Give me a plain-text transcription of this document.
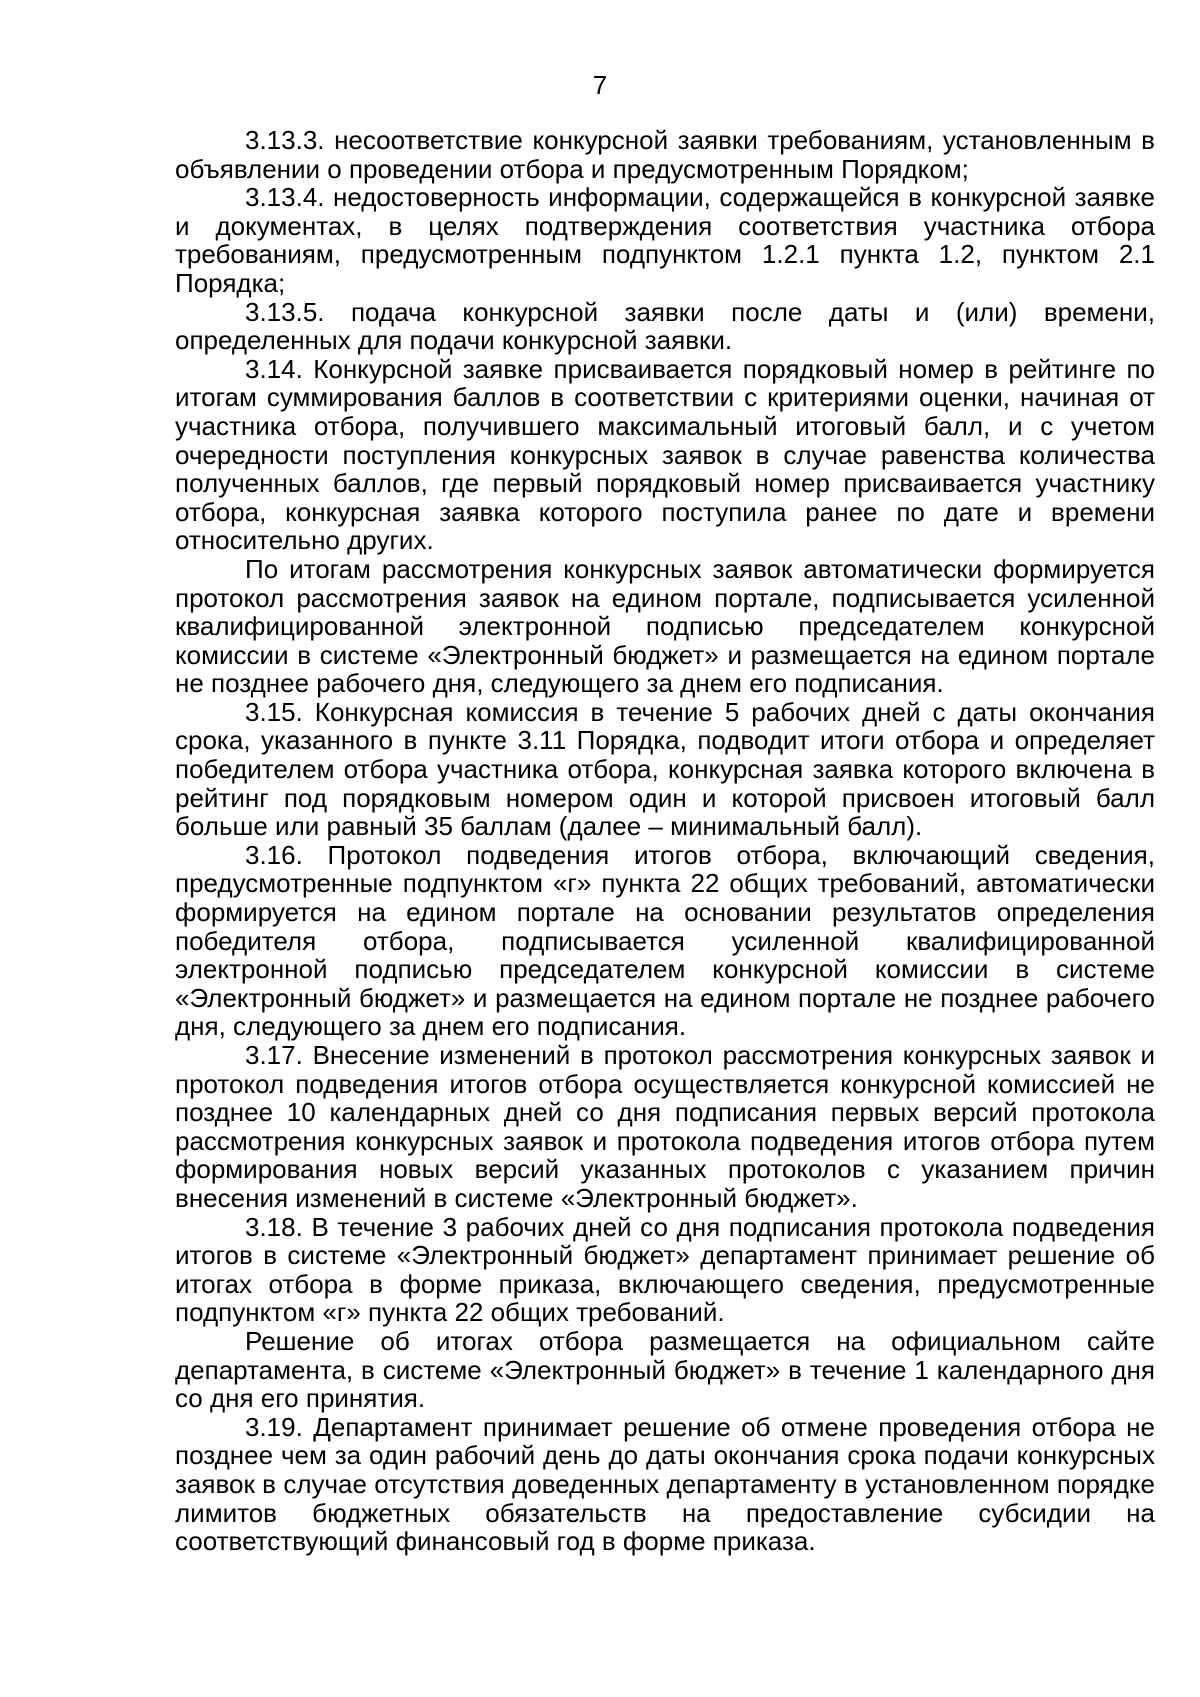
7

3.13.3. несоответствие конкурсной заявки требованиям, установленным в объявлении о проведении отбора и предусмотренным Порядком;

3.13.4. недостоверность информации, содержащейся в конкурсной заявке и документах, в целях подтверждения соответствия участника отбора требованиям, предусмотренным подпунктом 1.2.1 пункта 1.2, пунктом 2.1 Порядка;

3.13.5. подача конкурсной заявки после даты и (или) времени, определенных для подачи конкурсной заявки.

3.14. Конкурсной заявке присваивается порядковый номер в рейтинге по итогам суммирования баллов в соответствии с критериями оценки, начиная от участника отбора, получившего максимальный итоговый балл, и с учетом очередности поступления конкурсных заявок в случае равенства количества полученных баллов, где первый порядковый номер присваивается участнику отбора, конкурсная заявка которого поступила ранее по дате и времени относительно других.

По итогам рассмотрения конкурсных заявок автоматически формируется протокол рассмотрения заявок на едином портале, подписывается усиленной квалифицированной электронной подписью председателем конкурсной комиссии в системе «Электронный бюджет» и размещается на едином портале не позднее рабочего дня, следующего за днем его подписания.

3.15. Конкурсная комиссия в течение 5 рабочих дней с даты окончания срока, указанного в пункте 3.11 Порядка, подводит итоги отбора и определяет победителем отбора участника отбора, конкурсная заявка которого включена в рейтинг под порядковым номером один и которой присвоен итоговый балл больше или равный 35 баллам (далее – минимальный балл).

3.16. Протокол подведения итогов отбора, включающий сведения, предусмотренные подпунктом «г» пункта 22 общих требований, автоматически формируется на едином портале на основании результатов определения победителя отбора, подписывается усиленной квалифицированной электронной подписью председателем конкурсной комиссии в системе «Электронный бюджет» и размещается на едином портале не позднее рабочего дня, следующего за днем его подписания.

3.17. Внесение изменений в протокол рассмотрения конкурсных заявок и протокол подведения итогов отбора осуществляется конкурсной комиссией не позднее 10 календарных дней со дня подписания первых версий протокола рассмотрения конкурсных заявок и протокола подведения итогов отбора путем формирования новых версий указанных протоколов с указанием причин внесения изменений в системе «Электронный бюджет».

3.18. В течение 3 рабочих дней со дня подписания протокола подведения итогов в системе «Электронный бюджет» департамент принимает решение об итогах отбора в форме приказа, включающего сведения, предусмотренные подпунктом «г» пункта 22 общих требований.

Решение об итогах отбора размещается на официальном сайте департамента, в системе «Электронный бюджет» в течение 1 календарного дня со дня его принятия.

3.19. Департамент принимает решение об отмене проведения отбора не позднее чем за один рабочий день до даты окончания срока подачи конкурсных заявок в случае отсутствия доведенных департаменту в установленном порядке лимитов бюджетных обязательств на предоставление субсидии на соответствующий финансовый год в форме приказа.
